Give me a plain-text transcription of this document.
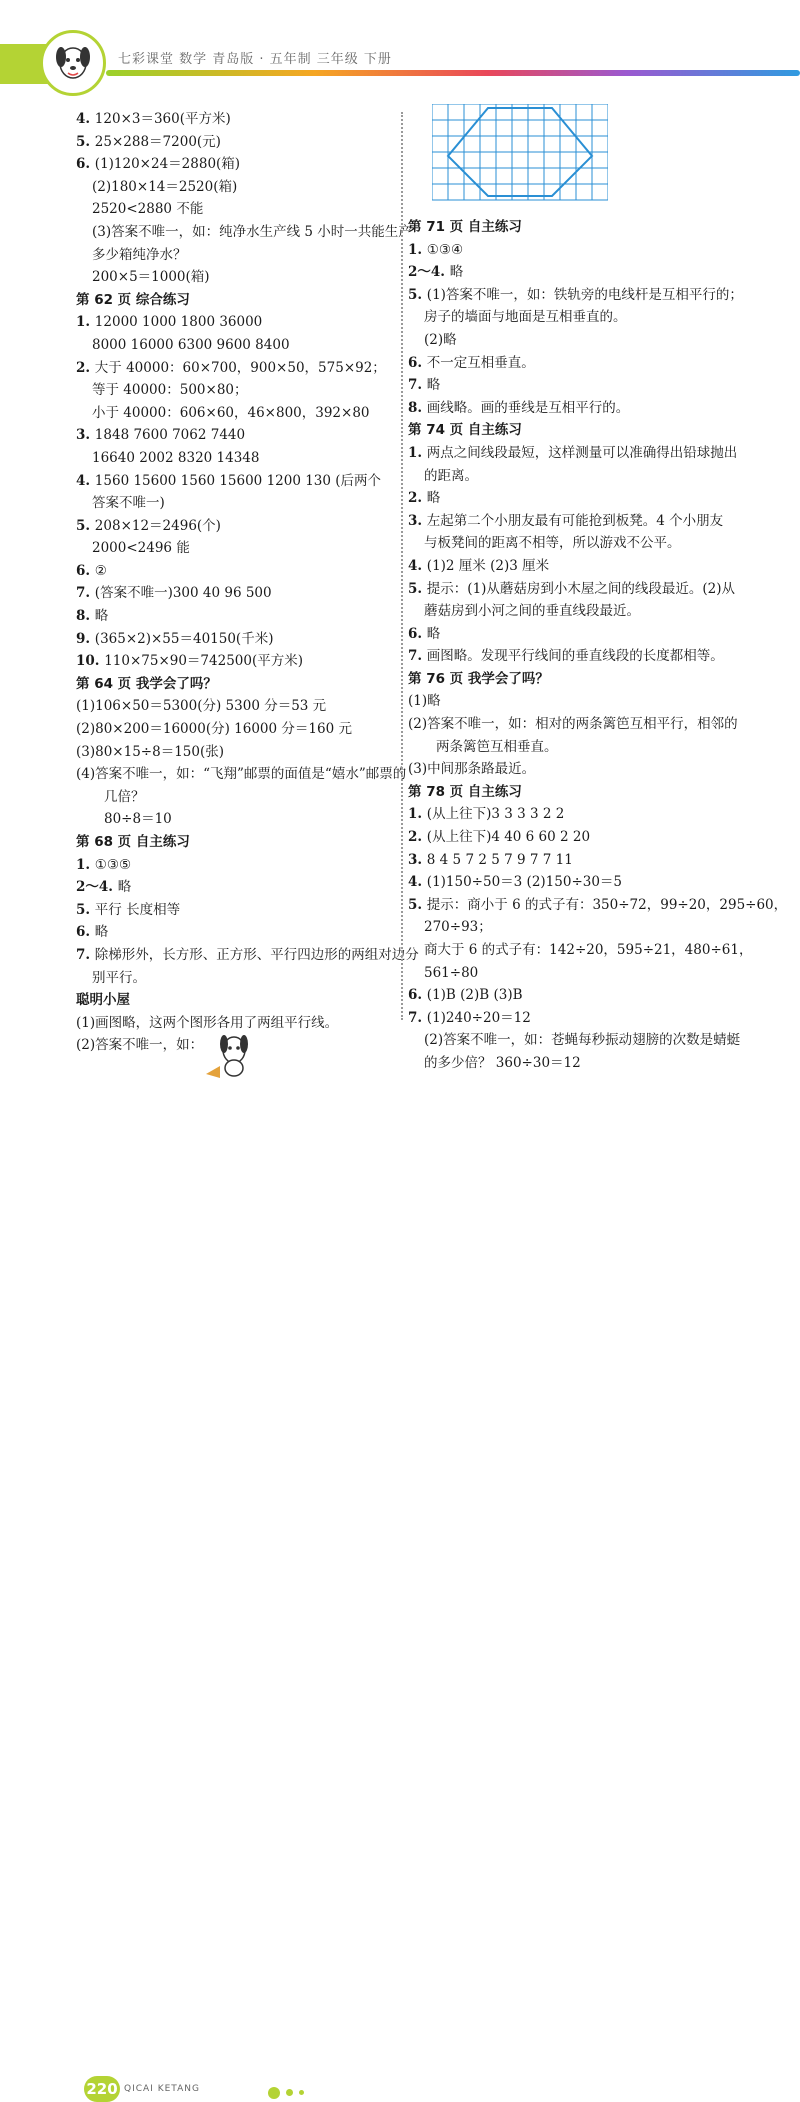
七彩课堂 数学 青岛版 · 五年制 三年级 下册
4. 120×3＝360(平方米)
5. 25×288＝7200(元)
6. (1)120×24＝2880(箱)
(2)180×14＝2520(箱)
2520<2880 不能
(3)答案不唯一，如：纯净水生产线 5 小时一共能生产
多少箱纯净水？
200×5＝1000(箱)
第 62 页 综合练习
1. 12000 1000 1800 36000
8000 16000 6300 9600 8400
2. 大于 40000：60×700，900×50，575×92；
等于 40000：500×80；
小于 40000：606×60，46×800，392×80
3. 1848 7600 7062 7440
16640 2002 8320 14348
4. 1560 15600 1560 15600 1200 130 (后两个
答案不唯一)
5. 208×12＝2496(个)
2000<2496 能
6. ②
7. (答案不唯一)300 40 96 500
8. 略
9. (365×2)×55＝40150(千米)
10. 110×75×90＝742500(平方米)
第 64 页 我学会了吗？
(1)106×50＝5300(分) 5300 分＝53 元
(2)80×200＝16000(分) 16000 分＝160 元
(3)80×15÷8＝150(张)
(4)答案不唯一，如：“飞翔”邮票的面值是“嬉水”邮票的
几倍？
80÷8＝10
第 68 页 自主练习
1. ①③⑤
2～4. 略
5. 平行 长度相等
6. 略
7. 除梯形外，长方形、正方形、平行四边形的两组对边分
别平行。
聪明小屋
(1)画图略，这两个图形各用了两组平行线。
(2)答案不唯一，如：
第 71 页 自主练习
1. ①③④
2～4. 略
5. (1)答案不唯一，如：铁轨旁的电线杆是互相平行的；
房子的墙面与地面是互相垂直的。
(2)略
6. 不一定互相垂直。
7. 略
8. 画线略。画的垂线是互相平行的。
第 74 页 自主练习
1. 两点之间线段最短，这样测量可以准确得出铅球抛出
的距离。
2. 略
3. 左起第二个小朋友最有可能抢到板凳。4 个小朋友
与板凳间的距离不相等，所以游戏不公平。
4. (1)2 厘米 (2)3 厘米
5. 提示：(1)从蘑菇房到小木屋之间的线段最近。(2)从
蘑菇房到小河之间的垂直线段最近。
6. 略
7. 画图略。发现平行线间的垂直线段的长度都相等。
第 76 页 我学会了吗？
(1)略
(2)答案不唯一，如：相对的两条篱笆互相平行，相邻的
两条篱笆互相垂直。
(3)中间那条路最近。
第 78 页 自主练习
1. (从上往下)3 3 3 3 2 2
2. (从上往下)4 40 6 60 2 20
3. 8 4 5 7 2 5 7 9 7 7 11
4. (1)150÷50＝3 (2)150÷30＝5
5. 提示：商小于 6 的式子有：350÷72，99÷20，295÷60，
270÷93；
商大于 6 的式子有：142÷20，595÷21，480÷61，
561÷80
6. (1)B (2)B (3)B
7. (1)240÷20＝12
(2)答案不唯一，如：苍蝇每秒振动翅膀的次数是蜻蜓
的多少倍？ 360÷30＝12
220 QICAI KETANG
